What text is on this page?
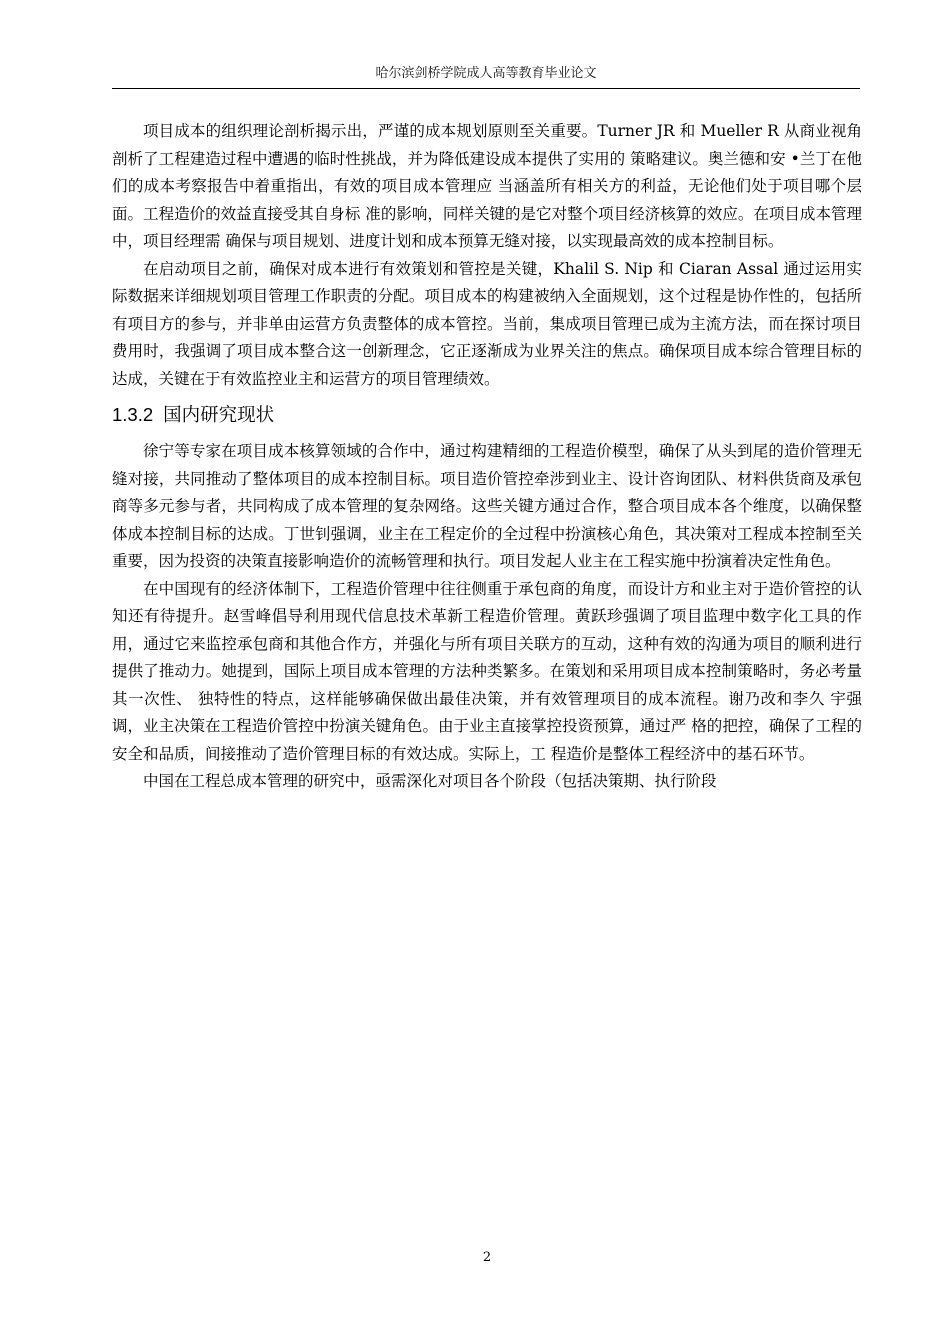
哈尔滨剑桥学院成人高等教育毕业论文

项目成本的组织理论剖析揭示出，严谨的成本规划原则至关重要。Turner JR 和 Mueller R 从商业视角剖析了工程建造过程中遭遇的临时性挑战，并为降低建设成本提供了实用的 策略建议。奥兰德和安 •兰丁在他们的成本考察报告中着重指出，有效的项目成本管理应 当涵盖所有相关方的利益，无论他们处于项目哪个层面。工程造价的效益直接受其自身标 准的影响，同样关键的是它对整个项目经济核算的效应。在项目成本管理中，项目经理需 确保与项目规划、进度计划和成本预算无缝对接，以实现最高效的成本控制目标。

在启动项目之前，确保对成本进行有效策划和管控是关键，Khalil S. Nip 和 Ciaran Assal 通过运用实际数据来详细规划项目管理工作职责的分配。项目成本的构建被纳入全面规划，这个过程是协作性的，包括所有项目方的参与，并非单由运营方负责整体的成本管控。当前，集成项目管理已成为主流方法，而在探讨项目费用时，我强调了项目成本整合这一创新理念，它正逐渐成为业界关注的焦点。确保项目成本综合管理目标的达成，关键在于有效监控业主和运营方的项目管理绩效。

1.3.2 国内研究现状

徐宁等专家在项目成本核算领域的合作中，通过构建精细的工程造价模型，确保了从头到尾的造价管理无缝对接，共同推动了整体项目的成本控制目标。项目造价管控牵涉到业主、设计咨询团队、材料供货商及承包商等多元参与者，共同构成了成本管理的复杂网络。这些关键方通过合作，整合项目成本各个维度，以确保整体成本控制目标的达成。丁世钊强调，业主在工程定价的全过程中扮演核心角色，其决策对工程成本控制至关重要，因为投资的决策直接影响造价的流畅管理和执行。项目发起人业主在工程实施中扮演着决定性角色。

在中国现有的经济体制下，工程造价管理中往往侧重于承包商的角度，而设计方和业主对于造价管控的认知还有待提升。赵雪峰倡导利用现代信息技术革新工程造价管理。黄跃珍强调了项目监理中数字化工具的作用，通过它来监控承包商和其他合作方，并强化与所有项目关联方的互动，这种有效的沟通为项目的顺利进行提供了推动力。她提到，国际上项目成本管理的方法种类繁多。在策划和采用项目成本控制策略时，务必考量其一次性、 独特性的特点，这样能够确保做出最佳决策，并有效管理项目的成本流程。谢乃改和李久 宇强调，业主决策在工程造价管控中扮演关键角色。由于业主直接掌控投资预算，通过严 格的把控，确保了工程的安全和品质，间接推动了造价管理目标的有效达成。实际上，工 程造价是整体工程经济中的基石环节。

中国在工程总成本管理的研究中，亟需深化对项目各个阶段（包括决策期、执行阶段

2
